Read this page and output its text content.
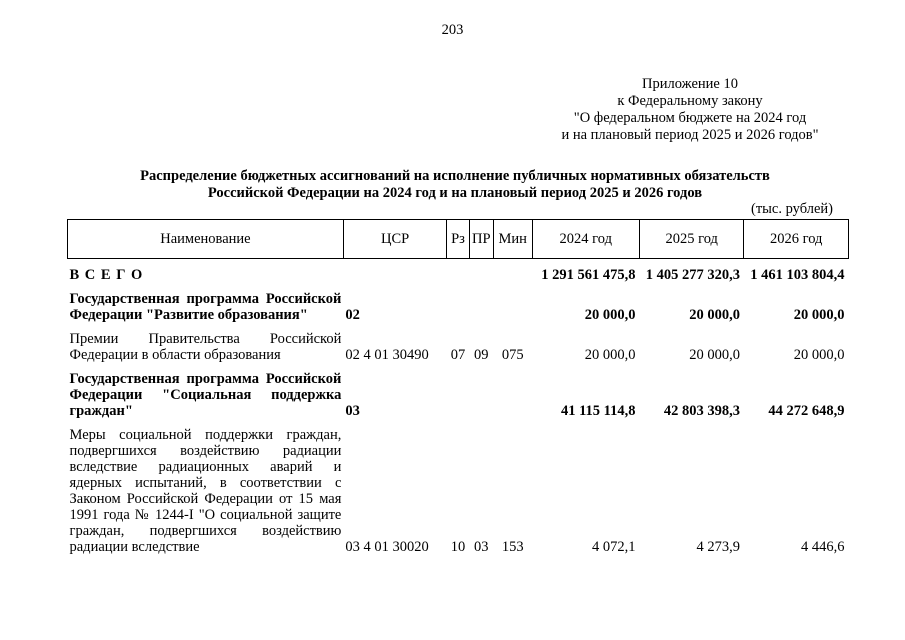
203
Приложение 10
к Федеральному закону
"О федеральном бюджете на 2024 год
и на плановый период 2025 и 2026 годов"
Распределение бюджетных ассигнований на исполнение публичных нормативных обязательств
Российской Федерации на 2024 год и на плановый период 2025 и 2026 годов
(тыс. рублей)
Наименование	ЦСР	Рз	ПР	Мин	2024 год	2025 год	2026 год
В С Е Г О					1 291 561 475,8	1 405 277 320,3	1 461 103 804,4

Государственная программа Российской Федерации "Развитие образования"	02				20 000,0	20 000,0	20 000,0

Премии Правительства Российской Федерации в области образования	02 4 01 30490	07	09	075	20 000,0	20 000,0	20 000,0

Государственная программа Российской Федерации "Социальная поддержка граждан"	03				41 115 114,8	42 803 398,3	44 272 648,9

Меры социальной поддержки граждан, подвергшихся воздействию радиации вследствие радиационных аварий и ядерных испытаний, в соответствии с Законом Российской Федерации от 15 мая 1991 года № 1244-I "О социальной защите граждан, подвергшихся воздействию радиации вследствие	03 4 01 30020	10	03	153	4 072,1	4 273,9	4 446,6
